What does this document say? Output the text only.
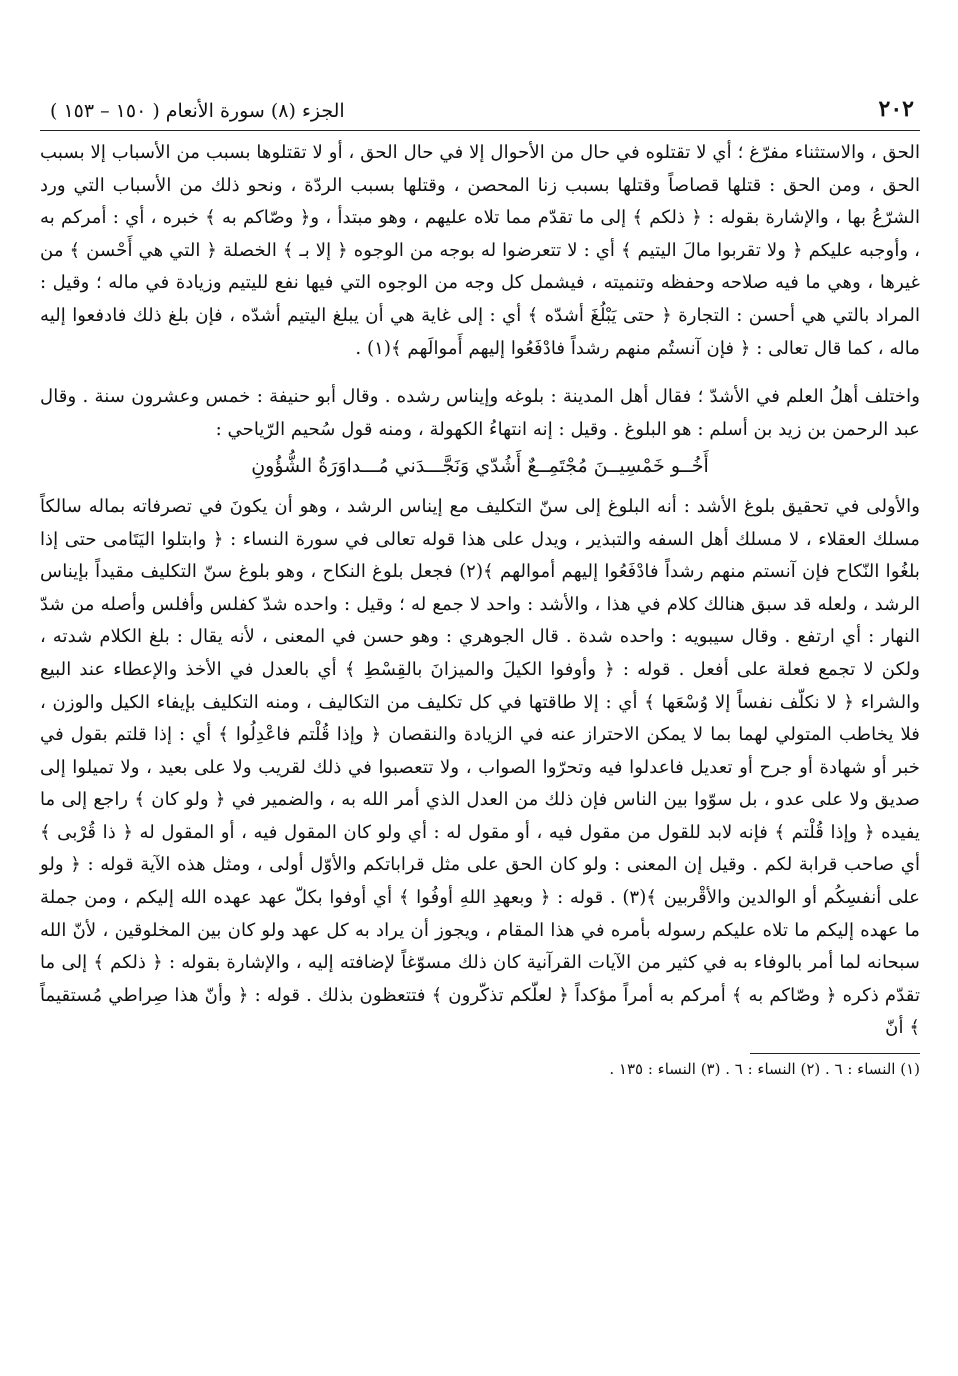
٢٠٢
الجزء (٨) سورة الأنعام ( ١٥٠ – ١٥٣ )

الحق ، والاستثناء مفرّغ ؛ أي لا تقتلوه في حال من الأحوال إلا في حال الحق ، أو لا تقتلوها بسبب من الأسباب إلا بسبب الحق ، ومن الحق : قتلها قصاصاً وقتلها بسبب زنا المحصن ، وقتلها بسبب الردّة ، ونحو ذلك من الأسباب التي ورد الشرّعُ بها ، والإشارة بقوله : ﴿ ذلكم ﴾ إلى ما تقدّم مما تلاه عليهم ، وهو مبتدأ ، و﴿ وصّاكم به ﴾ خبره ، أي : أمركم به ، وأوجبه عليكم ﴿ ولا تقربوا مالَ اليتيم ﴾ أي : لا تتعرضوا له بوجه من الوجوه ﴿ إلا بـ ﴾ الخصلة ﴿ التي هي أَحْسن ﴾ من غيرها ، وهي ما فيه صلاحه وحفظه وتنميته ، فيشمل كل وجه من الوجوه التي فيها نفع لليتيم وزيادة في ماله ؛ وقيل : المراد بالتي هي أحسن : التجارة ﴿ حتى يَبْلُغَ أشدّه ﴾ أي : إلى غاية هي أن يبلغ اليتيم أشدّه ، فإن بلغ ذلك فادفعوا إليه ماله ، كما قال تعالى : ﴿ فإن آنستُم منهم رشداً فادْفَعُوا إليهم أَموالَهم ﴾(١) .

واختلف أهلُ العلم في الأشدّ ؛ فقال أهل المدينة : بلوغه وإيناس رشده . وقال أبو حنيفة : خمس وعشرون سنة . وقال عبد الرحمن بن زيد بن أسلم : هو البلوغ . وقيل : إنه انتهاءُ الكهولة ، ومنه قول سُحيم الرّياحي :

أَخُــو خَمْسِيــنَ مُجْتَمِــعٌ أَشُدّي وَنَجَّـــدَني مُـــداوَرَةُ الشُّؤُونِ

والأولى في تحقيق بلوغ الأشد : أنه البلوغ إلى سنّ التكليف مع إيناس الرشد ، وهو أن يكونَ في تصرفاته بماله سالكاً مسلك العقلاء ، لا مسلك أهل السفه والتبذير ، ويدل على هذا قوله تعالى في سورة النساء : ﴿ وابتلوا اليَتَامى حتى إذا بلغُوا النّكاح فإن آنستم منهم رشداً فادْفَعُوا إليهم أموالهم ﴾(٢) فجعل بلوغ النكاح ، وهو بلوغ سنّ التكليف مقيداً بإيناس الرشد ، ولعله قد سبق هنالك كلام في هذا ، والأشد : واحد لا جمع له ؛ وقيل : واحده شدّ كفلس وأفلس وأصله من شدّ النهار : أي ارتفع . وقال سيبويه : واحده شدة . قال الجوهري : وهو حسن في المعنى ، لأنه يقال : بلغ الكلام شدته ، ولكن لا تجمع فعلة على أفعل . قوله : ﴿ وأوفوا الكيلَ والميزانَ بالقِسْطِ ﴾ أي بالعدل في الأخذ والإعطاء عند البيع والشراء ﴿ لا نكلّف نفساً إلا وُسْعَها ﴾ أي : إلا طاقتها في كل تكليف من التكاليف ، ومنه التكليف بإيفاء الكيل والوزن ، فلا يخاطب المتولي لهما بما لا يمكن الاحتراز عنه في الزيادة والنقصان ﴿ وإذا قُلْتم فاعْدِلُوا ﴾ أي : إذا قلتم بقول في خبر أو شهادة أو جرح أو تعديل فاعدلوا فيه وتحرّوا الصواب ، ولا تتعصبوا في ذلك لقريب ولا على بعيد ، ولا تميلوا إلى صديق ولا على عدو ، بل سوّوا بين الناس فإن ذلك من العدل الذي أمر الله به ، والضمير في ﴿ ولو كان ﴾ راجع إلى ما يفيده ﴿ وإذا قُلْتم ﴾ فإنه لابد للقول من مقول فيه ، أو مقول له : أي ولو كان المقول فيه ، أو المقول له ﴿ ذا قُرْبى ﴾ أي صاحب قرابة لكم . وقيل إن المعنى : ولو كان الحق على مثل قراباتكم والأوّل أولى ، ومثل هذه الآية قوله : ﴿ ولو على أنفسِكُم أو الوالدين والأقْربين ﴾(٣) . قوله : ﴿ وبعهدِ اللهِ أوفُوا ﴾ أي أوفوا بكلّ عهد عهده الله إليكم ، ومن جملة ما عهده إليكم ما تلاه عليكم رسوله بأمره في هذا المقام ، ويجوز أن يراد به كل عهد ولو كان بين المخلوقين ، لأنّ الله سبحانه لما أمر بالوفاء به في كثير من الآيات القرآنية كان ذلك مسوّغاً لإضافته إليه ، والإشارة بقوله : ﴿ ذلكم ﴾ إلى ما تقدّم ذكره ﴿ وصّاكم به ﴾ أمركم به أمراً مؤكداً ﴿ لعلّكم تذكّرون ﴾ فتتعظون بذلك . قوله : ﴿ وأنّ هذا صِراطي مُستقيماً ﴾ أنّ

(١) النساء : ٦ . (٢) النساء : ٦ . (٣) النساء : ١٣٥ .
